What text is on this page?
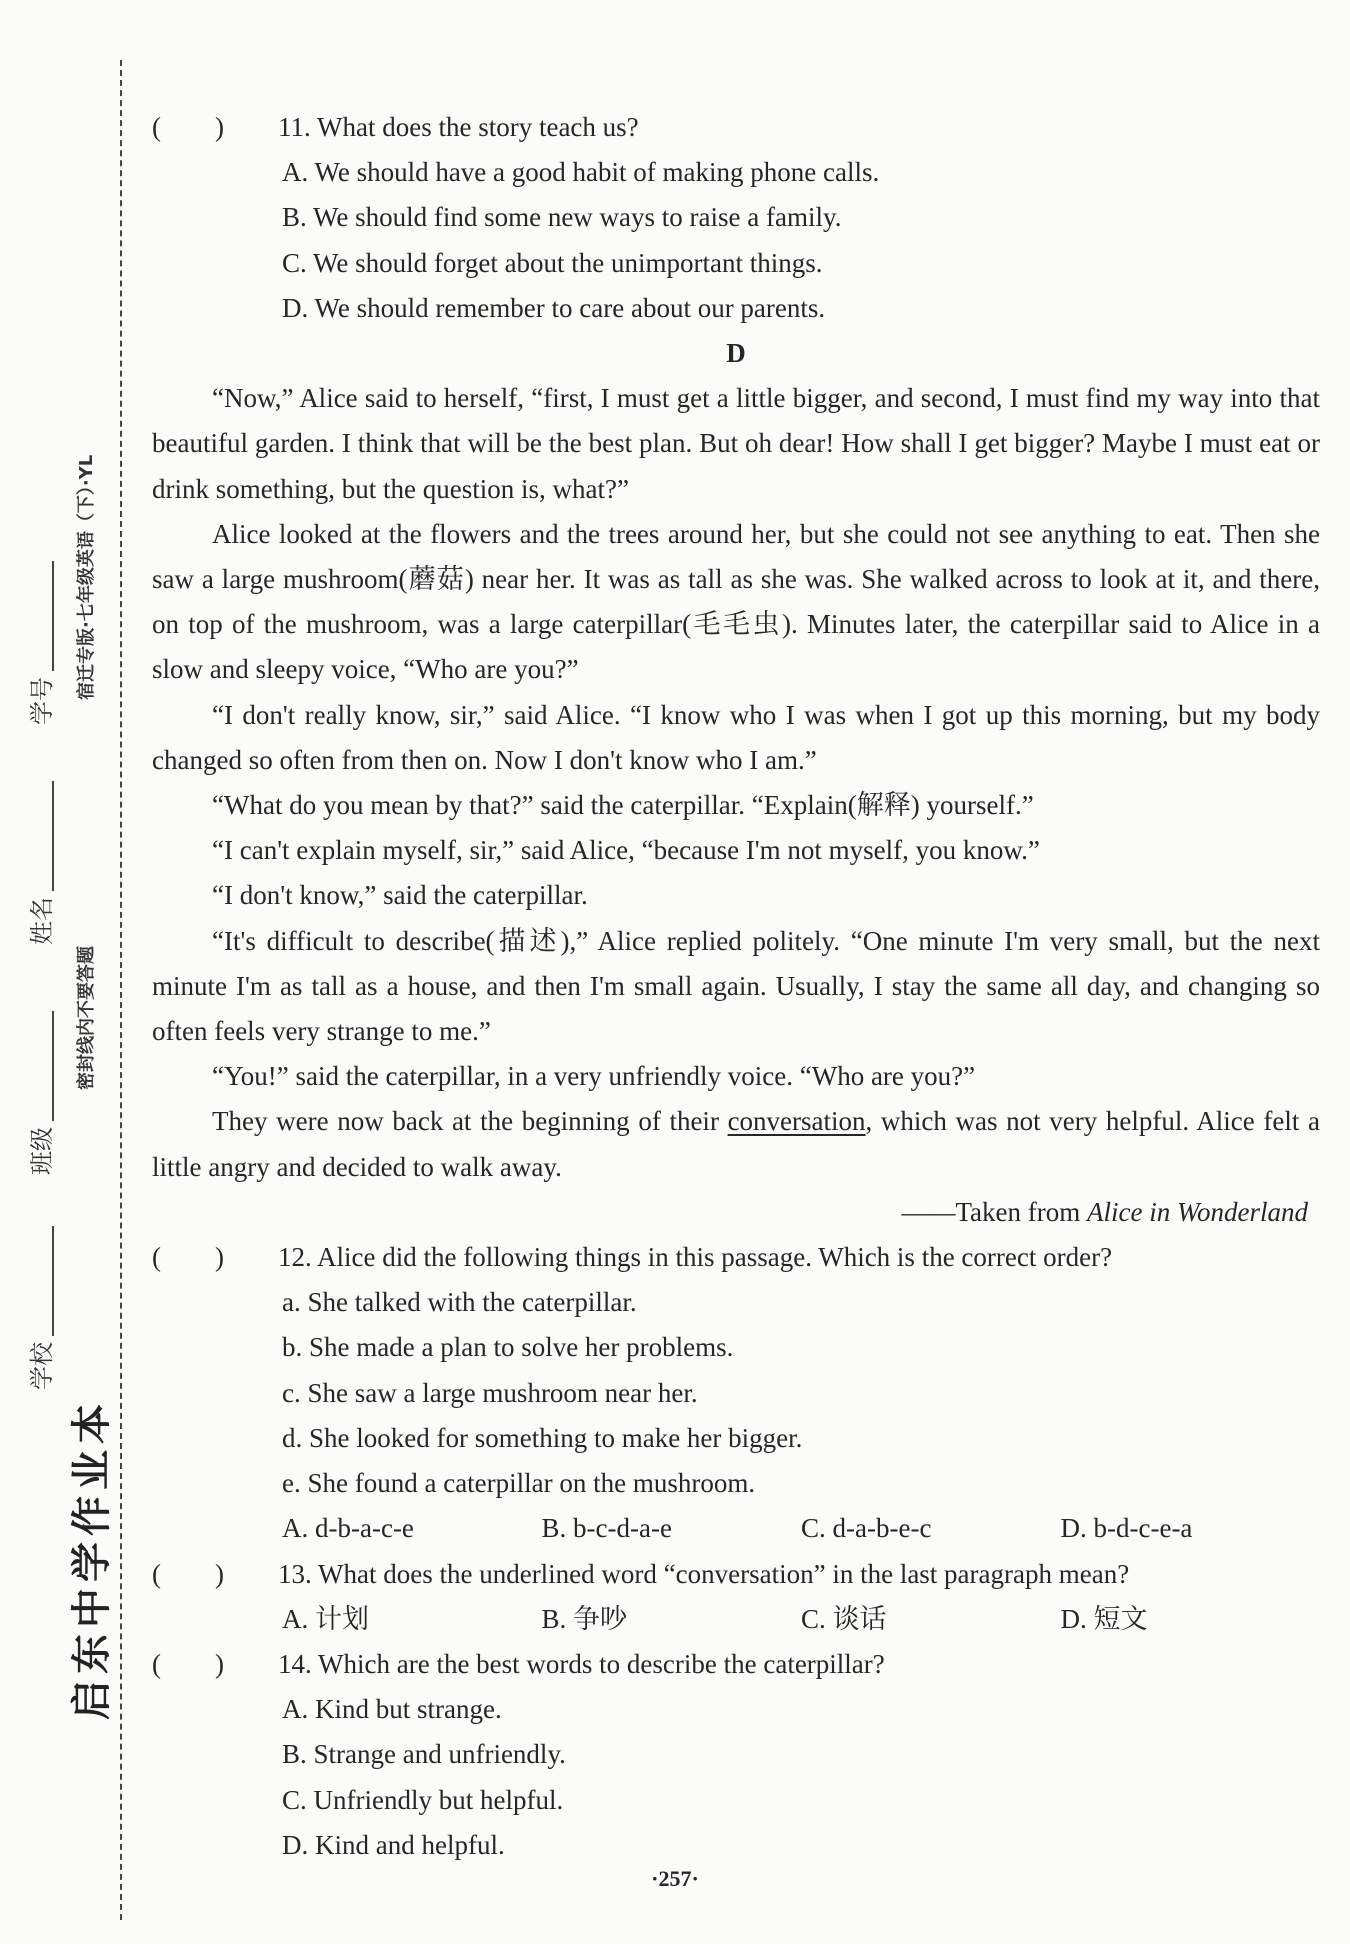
启东中学作业本
宿迁专版·七年级英语（下）·YL
密封线内不要答题
学校
班级
姓名
学号
(　　) 11. What does the story teach us?
A. We should have a good habit of making phone calls.
B. We should find some new ways to raise a family.
C. We should forget about the unimportant things.
D. We should remember to care about our parents.
D
“Now,” Alice said to herself, “first, I must get a little bigger, and second, I must find my way into that beautiful garden. I think that will be the best plan. But oh dear! How shall I get bigger? Maybe I must eat or drink something, but the question is, what?”
Alice looked at the flowers and the trees around her, but she could not see anything to eat. Then she saw a large mushroom(蘑菇) near her. It was as tall as she was. She walked across to look at it, and there, on top of the mushroom, was a large caterpillar(毛毛虫). Minutes later, the caterpillar said to Alice in a slow and sleepy voice, “Who are you?”
“I don't really know, sir,” said Alice. “I know who I was when I got up this morning, but my body changed so often from then on. Now I don't know who I am.”
“What do you mean by that?” said the caterpillar. “Explain(解释) yourself.”
“I can't explain myself, sir,” said Alice, “because I'm not myself, you know.”
“I don't know,” said the caterpillar.
“It's difficult to describe(描述),” Alice replied politely. “One minute I'm very small, but the next minute I'm as tall as a house, and then I'm small again. Usually, I stay the same all day, and changing so often feels very strange to me.”
“You!” said the caterpillar, in a very unfriendly voice. “Who are you?”
They were now back at the beginning of their conversation, which was not very helpful. Alice felt a little angry and decided to walk away.
——Taken from Alice in Wonderland
(　　) 12. Alice did the following things in this passage. Which is the correct order?
a. She talked with the caterpillar.
b. She made a plan to solve her problems.
c. She saw a large mushroom near her.
d. She looked for something to make her bigger.
e. She found a caterpillar on the mushroom.
A. d-b-a-c-e	B. b-c-d-a-e	C. d-a-b-e-c	D. b-d-c-e-a
(　　) 13. What does the underlined word “conversation” in the last paragraph mean?
A. 计划	B. 争吵	C. 谈话	D. 短文
(　　) 14. Which are the best words to describe the caterpillar?
A. Kind but strange.
B. Strange and unfriendly.
C. Unfriendly but helpful.
D. Kind and helpful.
·257·
